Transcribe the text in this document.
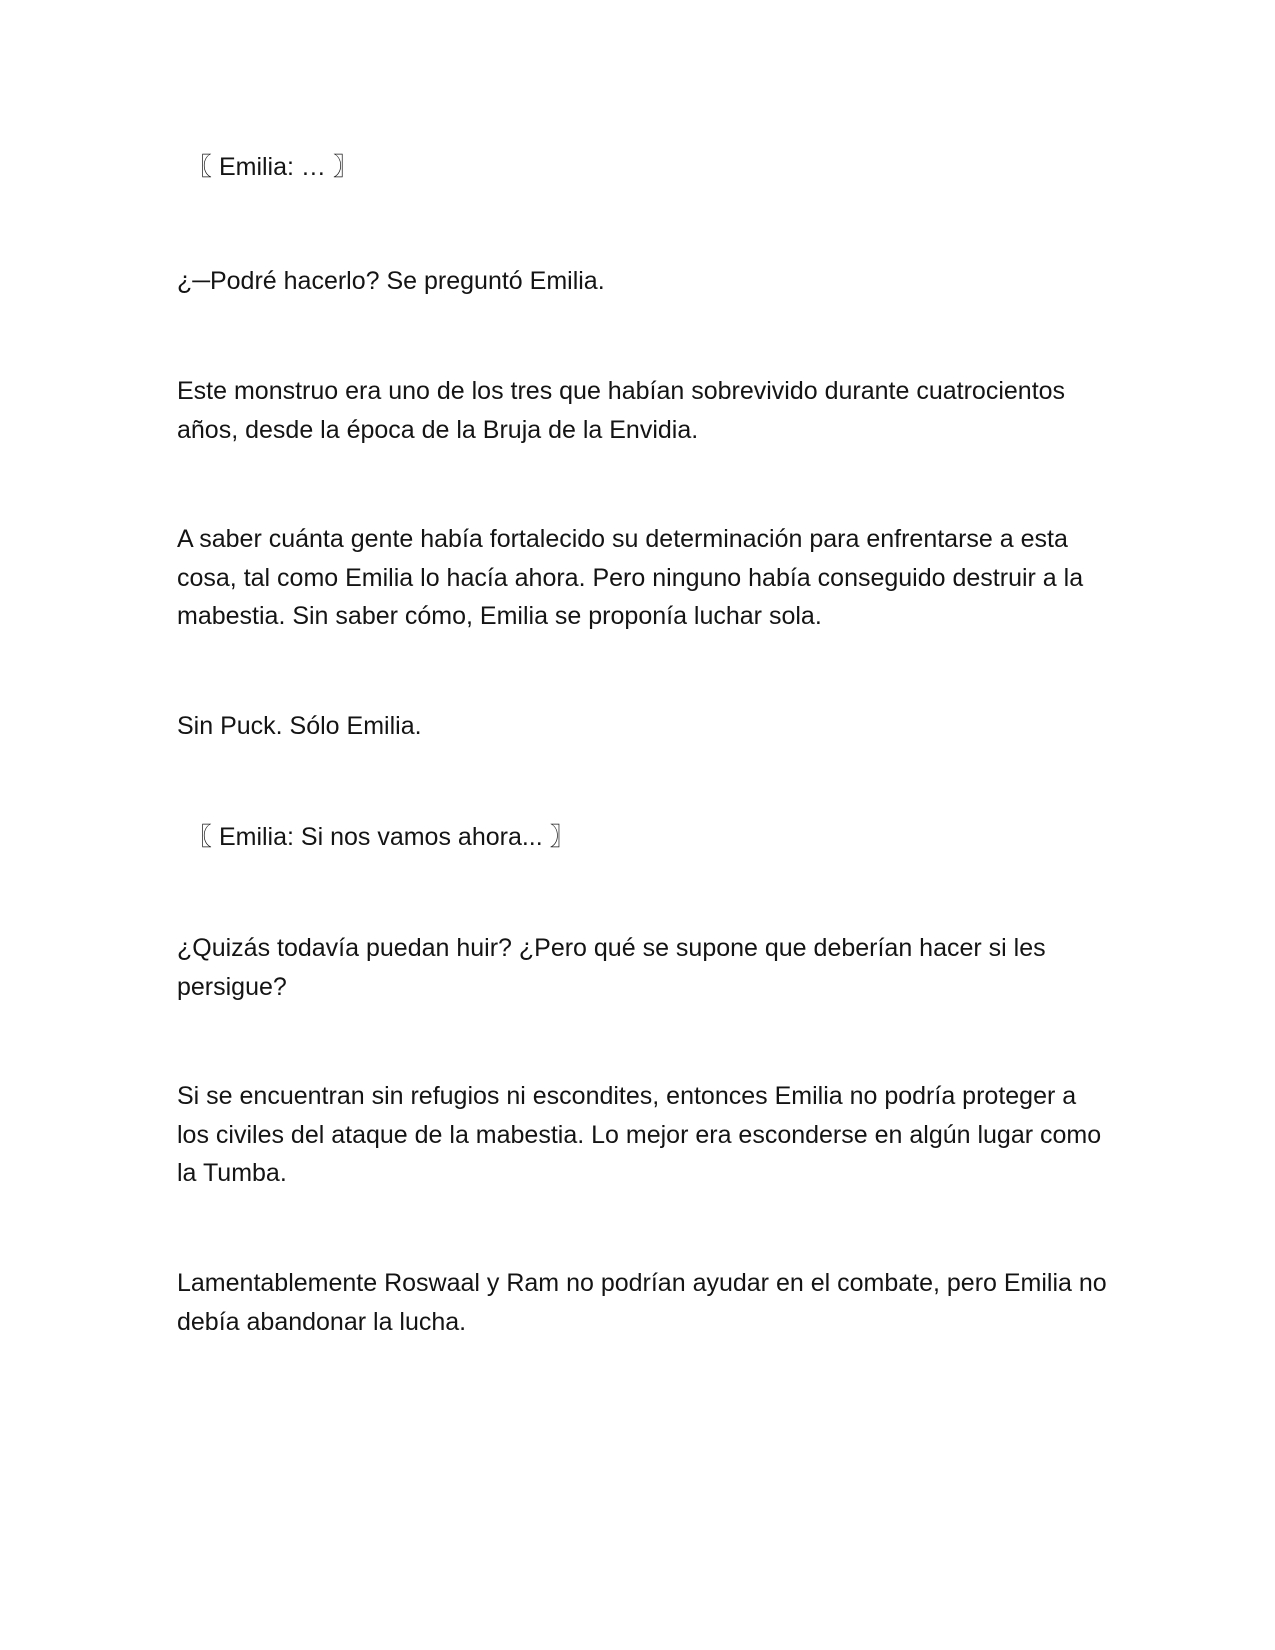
〖 Emilia: … 〗

¿─Podré hacerlo? Se preguntó Emilia.

Este monstruo era uno de los tres que habían sobrevivido durante cuatrocientos años, desde la época de la Bruja de la Envidia.

A saber cuánta gente había fortalecido su determinación para enfrentarse a esta cosa, tal como Emilia lo hacía ahora. Pero ninguno había conseguido destruir a la mabestia. Sin saber cómo, Emilia se proponía luchar sola.

Sin Puck. Sólo Emilia.

〖 Emilia: Si nos vamos ahora... 〗

¿Quizás todavía puedan huir? ¿Pero qué se supone que deberían hacer si les persigue?

Si se encuentran sin refugios ni escondites, entonces Emilia no podría proteger a los civiles del ataque de la mabestia. Lo mejor era esconderse en algún lugar como la Tumba.

Lamentablemente Roswaal y Ram no podrían ayudar en el combate, pero Emilia no debía abandonar la lucha.
